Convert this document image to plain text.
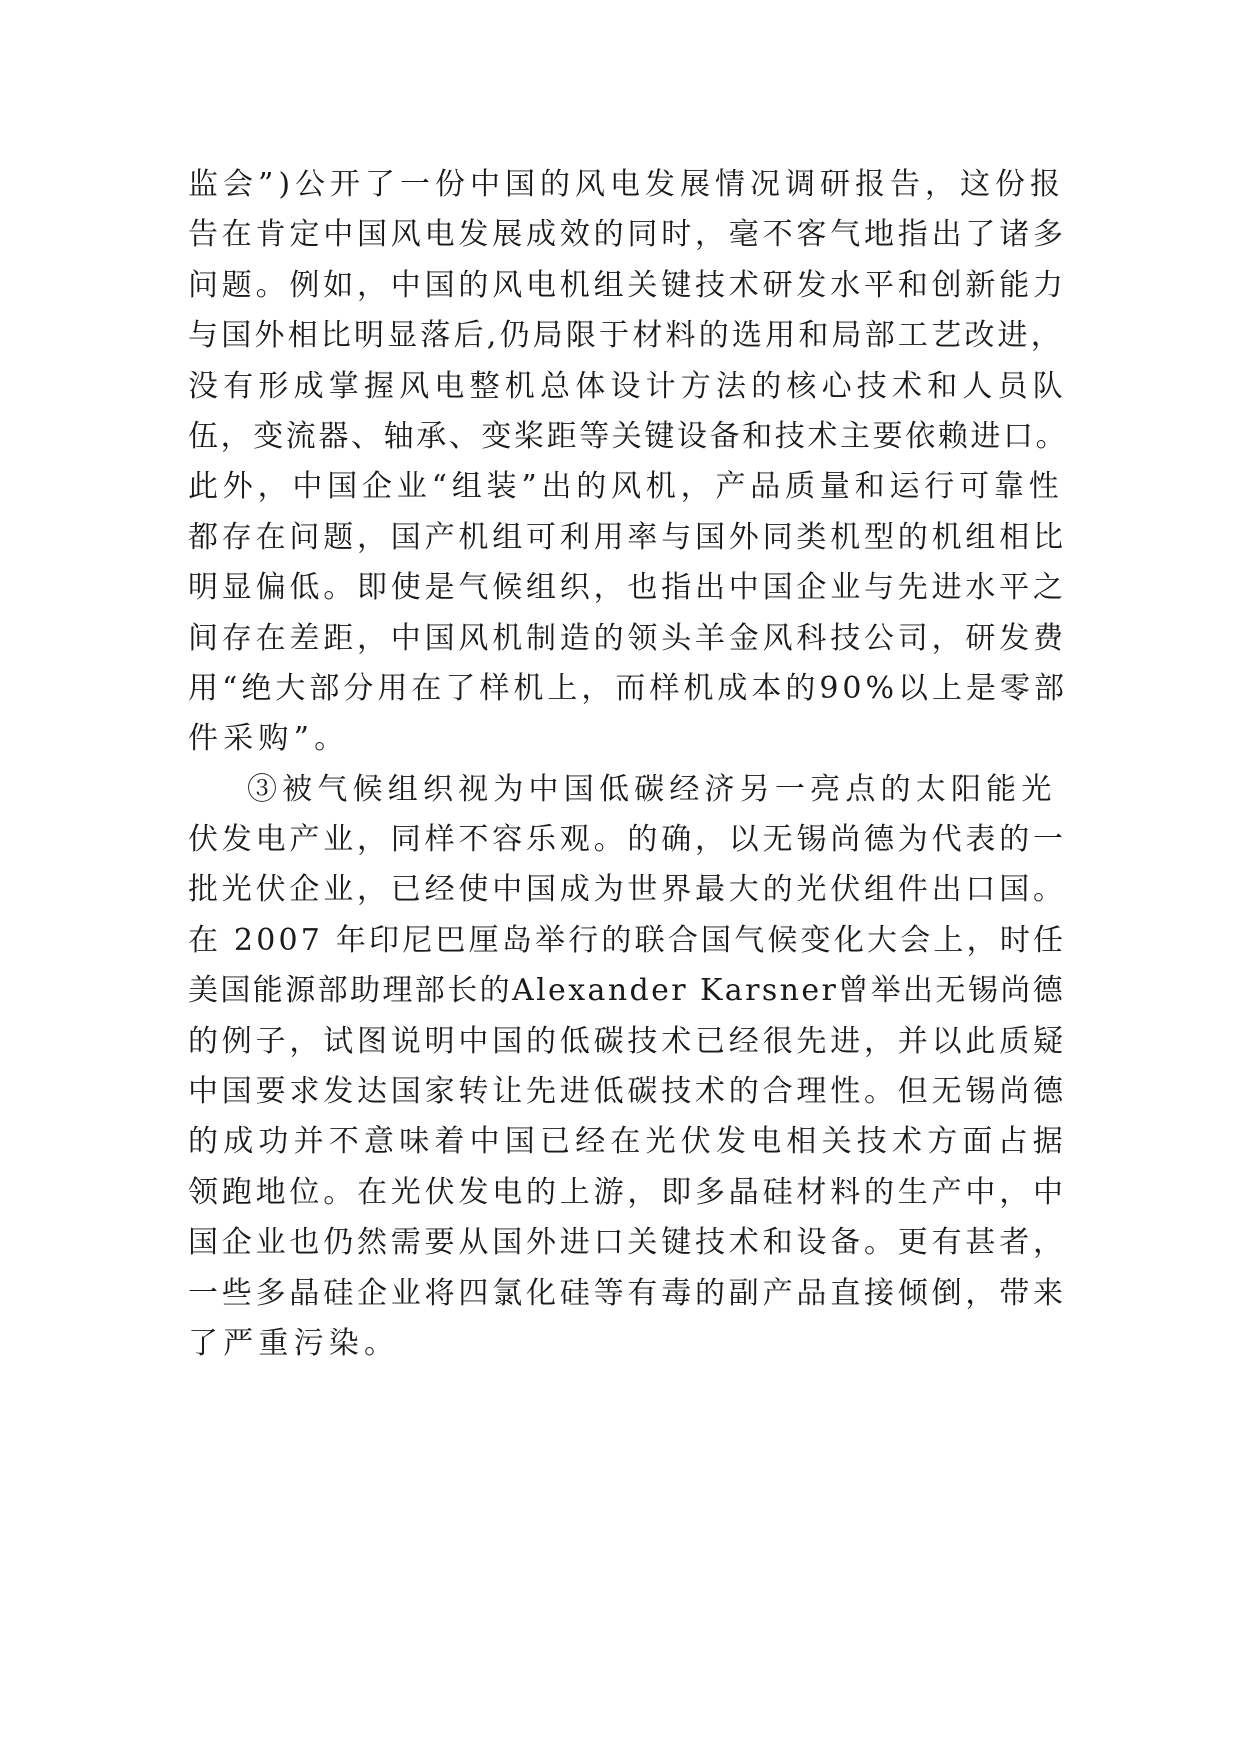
监会”)公开了一份中国的风电发展情况调研报告，这份报
告在肯定中国风电发展成效的同时，毫不客气地指出了诸多
问题。例如，中国的风电机组关键技术研发水平和创新能力
与国外相比明显落后,仍局限于材料的选用和局部工艺改进，
没有形成掌握风电整机总体设计方法的核心技术和人员队
伍，变流器、轴承、变桨距等关键设备和技术主要依赖进口。
此外，中国企业“组装”出的风机，产品质量和运行可靠性
都存在问题，国产机组可利用率与国外同类机型的机组相比
明显偏低。即使是气候组织，也指出中国企业与先进水平之
间存在差距，中国风机制造的领头羊金风科技公司，研发费
用“绝大部分用在了样机上，而样机成本的90%以上是零部
件采购”。
③被气候组织视为中国低碳经济另一亮点的太阳能光
伏发电产业，同样不容乐观。的确，以无锡尚德为代表的一
批光伏企业，已经使中国成为世界最大的光伏组件出口国。
在 2007 年印尼巴厘岛举行的联合国气候变化大会上，时任
美国能源部助理部长的Alexander Karsner曾举出无锡尚德
的例子，试图说明中国的低碳技术已经很先进，并以此质疑
中国要求发达国家转让先进低碳技术的合理性。但无锡尚德
的成功并不意味着中国已经在光伏发电相关技术方面占据
领跑地位。在光伏发电的上游，即多晶硅材料的生产中，中
国企业也仍然需要从国外进口关键技术和设备。更有甚者，
一些多晶硅企业将四氯化硅等有毒的副产品直接倾倒，带来
了严重污染。
